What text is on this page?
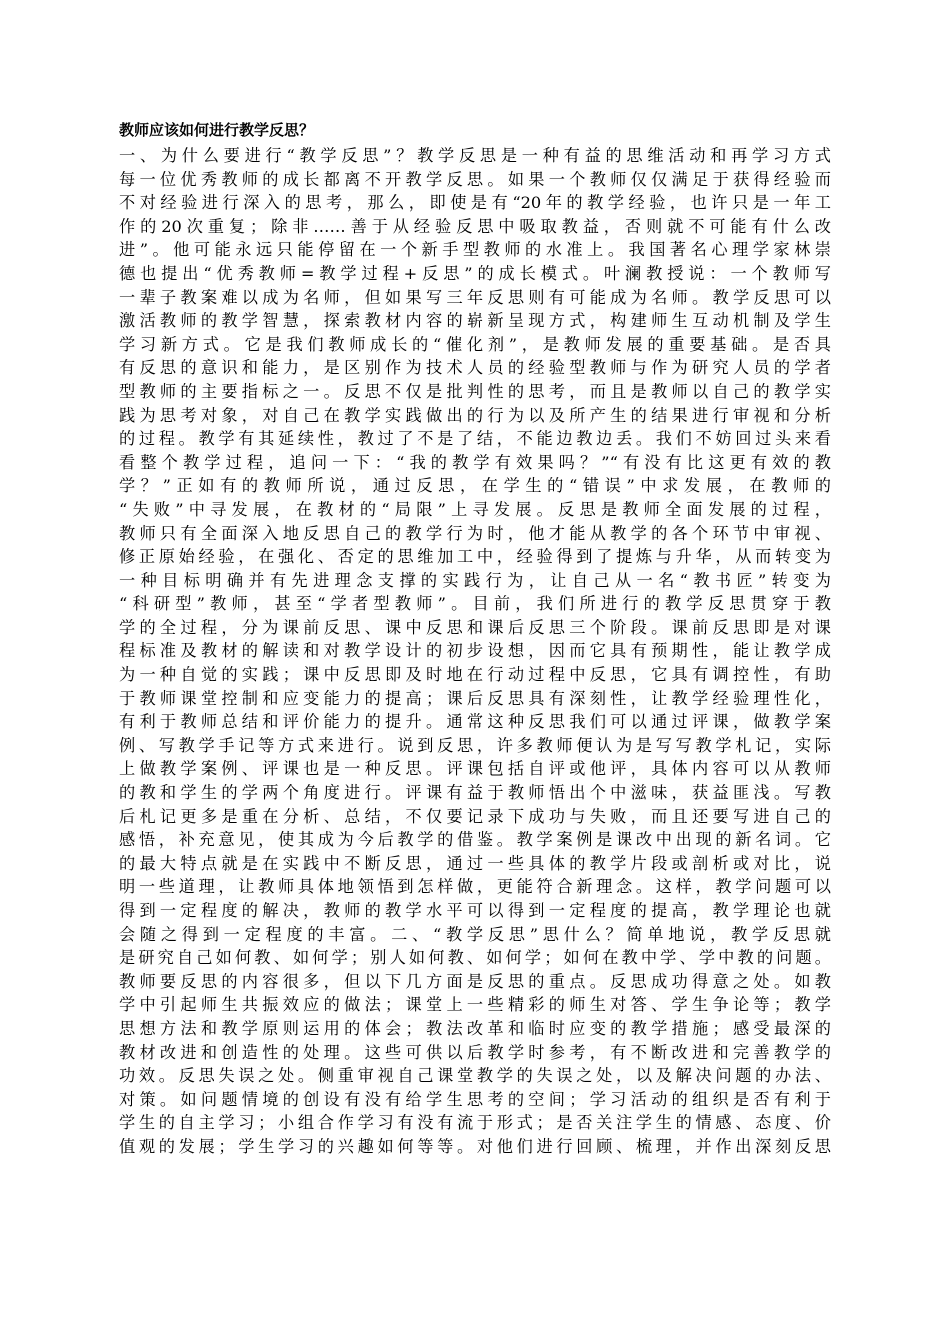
教师应该如何进行教学反思？
一、为什么要进行“教学反思”？教学反思是一种有益的思维活动和再学习方式
每一位优秀教师的成长都离不开教学反思。如果一个教师仅仅满足于获得经验而
不对经验进行深入的思考，那么，即使是有“20年的教学经验，也许只是一年工
作的20次重复；除非……善于从经验反思中吸取教益，否则就不可能有什么改
进”。他可能永远只能停留在一个新手型教师的水准上。我国著名心理学家林崇
德也提出“优秀教师=教学过程+反思”的成长模式。叶澜教授说：一个教师写
一辈子教案难以成为名师，但如果写三年反思则有可能成为名师。教学反思可以
激活教师的教学智慧，探索教材内容的崭新呈现方式，构建师生互动机制及学生
学习新方式。它是我们教师成长的“催化剂”，是教师发展的重要基础。是否具
有反思的意识和能力，是区别作为技术人员的经验型教师与作为研究人员的学者
型教师的主要指标之一。反思不仅是批判性的思考，而且是教师以自己的教学实
践为思考对象，对自己在教学实践做出的行为以及所产生的结果进行审视和分析
的过程。教学有其延续性，教过了不是了结，不能边教边丢。我们不妨回过头来看
看整个教学过程，追问一下：“我的教学有效果吗？”“有没有比这更有效的教
学？”正如有的教师所说，通过反思，在学生的“错误”中求发展，在教师的
“失败”中寻发展，在教材的“局限”上寻发展。反思是教师全面发展的过程，
教师只有全面深入地反思自己的教学行为时，他才能从教学的各个环节中审视、
修正原始经验，在强化、否定的思维加工中，经验得到了提炼与升华，从而转变为
一种目标明确并有先进理念支撑的实践行为，让自己从一名“教书匠”转变为
“科研型”教师，甚至“学者型教师”。目前，我们所进行的教学反思贯穿于教
学的全过程，分为课前反思、课中反思和课后反思三个阶段。课前反思即是对课
程标准及教材的解读和对教学设计的初步设想，因而它具有预期性，能让教学成
为一种自觉的实践；课中反思即及时地在行动过程中反思，它具有调控性，有助
于教师课堂控制和应变能力的提高；课后反思具有深刻性，让教学经验理性化，
有利于教师总结和评价能力的提升。通常这种反思我们可以通过评课，做教学案
例、写教学手记等方式来进行。说到反思，许多教师便认为是写写教学札记，实际
上做教学案例、评课也是一种反思。评课包括自评或他评，具体内容可以从教师
的教和学生的学两个角度进行。评课有益于教师悟出个中滋味，获益匪浅。写教
后札记更多是重在分析、总结，不仅要记录下成功与失败，而且还要写进自己的
感悟，补充意见，使其成为今后教学的借鉴。教学案例是课改中出现的新名词。它
的最大特点就是在实践中不断反思，通过一些具体的教学片段或剖析或对比，说
明一些道理，让教师具体地领悟到怎样做，更能符合新理念。这样，教学问题可以
得到一定程度的解决，教师的教学水平可以得到一定程度的提高，教学理论也就
会随之得到一定程度的丰富。二、“教学反思”思什么？简单地说，教学反思就
是研究自己如何教、如何学；别人如何教、如何学；如何在教中学、学中教的问题。
教师要反思的内容很多，但以下几方面是反思的重点。反思成功得意之处。如教
学中引起师生共振效应的做法；课堂上一些精彩的师生对答、学生争论等；教学
思想方法和教学原则运用的体会；教法改革和临时应变的教学措施；感受最深的
教材改进和创造性的处理。这些可供以后教学时参考，有不断改进和完善教学的
功效。反思失误之处。侧重审视自己课堂教学的失误之处，以及解决问题的办法、
对策。如问题情境的创设有没有给学生思考的空间；学习活动的组织是否有利于
学生的自主学习；小组合作学习有没有流于形式；是否关注学生的情感、态度、价
值观的发展；学生学习的兴趣如何等等。对他们进行回顾、梳理，并作出深刻反思
